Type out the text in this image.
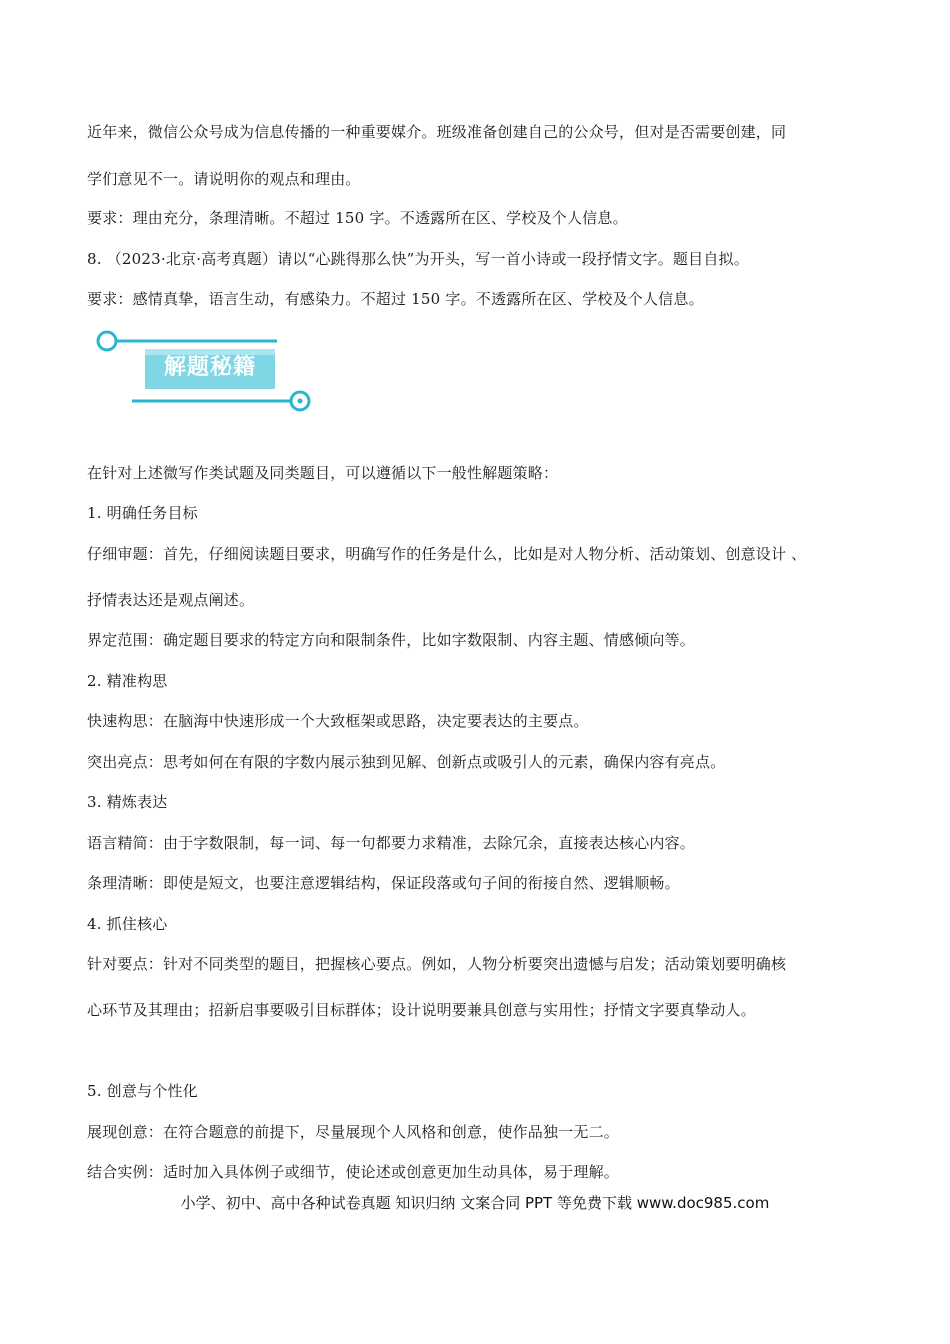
近年来，微信公众号成为信息传播的一种重要媒介。班级准备创建自己的公众号，但对是否需要创建，同
学们意见不一。请说明你的观点和理由。
要求：理由充分，条理清晰。不超过 150 字。不透露所在区、学校及个人信息。
8. （2023·北京·高考真题）请以“心跳得那么快”为开头，写一首小诗或一段抒情文字。题目自拟。
要求：感情真挚，语言生动，有感染力。不超过 150 字。不透露所在区、学校及个人信息。
解题秘籍
在针对上述微写作类试题及同类题目，可以遵循以下一般性解题策略：
1. 明确任务目标
仔细审题：首先，仔细阅读题目要求，明确写作的任务是什么，比如是对人物分析、活动策划、创意设计 、
抒情表达还是观点阐述。
界定范围：确定题目要求的特定方向和限制条件，比如字数限制、内容主题、情感倾向等。
2. 精准构思
快速构思：在脑海中快速形成一个大致框架或思路，决定要表达的主要点。
突出亮点：思考如何在有限的字数内展示独到见解、创新点或吸引人的元素，确保内容有亮点。
3. 精炼表达
语言精简：由于字数限制，每一词、每一句都要力求精准，去除冗余，直接表达核心内容。
条理清晰：即使是短文，也要注意逻辑结构，保证段落或句子间的衔接自然、逻辑顺畅。
4. 抓住核心
针对要点：针对不同类型的题目，把握核心要点。例如，人物分析要突出遗憾与启发；活动策划要明确核
心环节及其理由；招新启事要吸引目标群体；设计说明要兼具创意与实用性；抒情文字要真挚动人。
5. 创意与个性化
展现创意：在符合题意的前提下，尽量展现个人风格和创意，使作品独一无二。
结合实例：适时加入具体例子或细节，使论述或创意更加生动具体，易于理解。
小学、初中、高中各种试卷真题 知识归纳 文案合同 PPT 等免费下载 www.doc985.com
